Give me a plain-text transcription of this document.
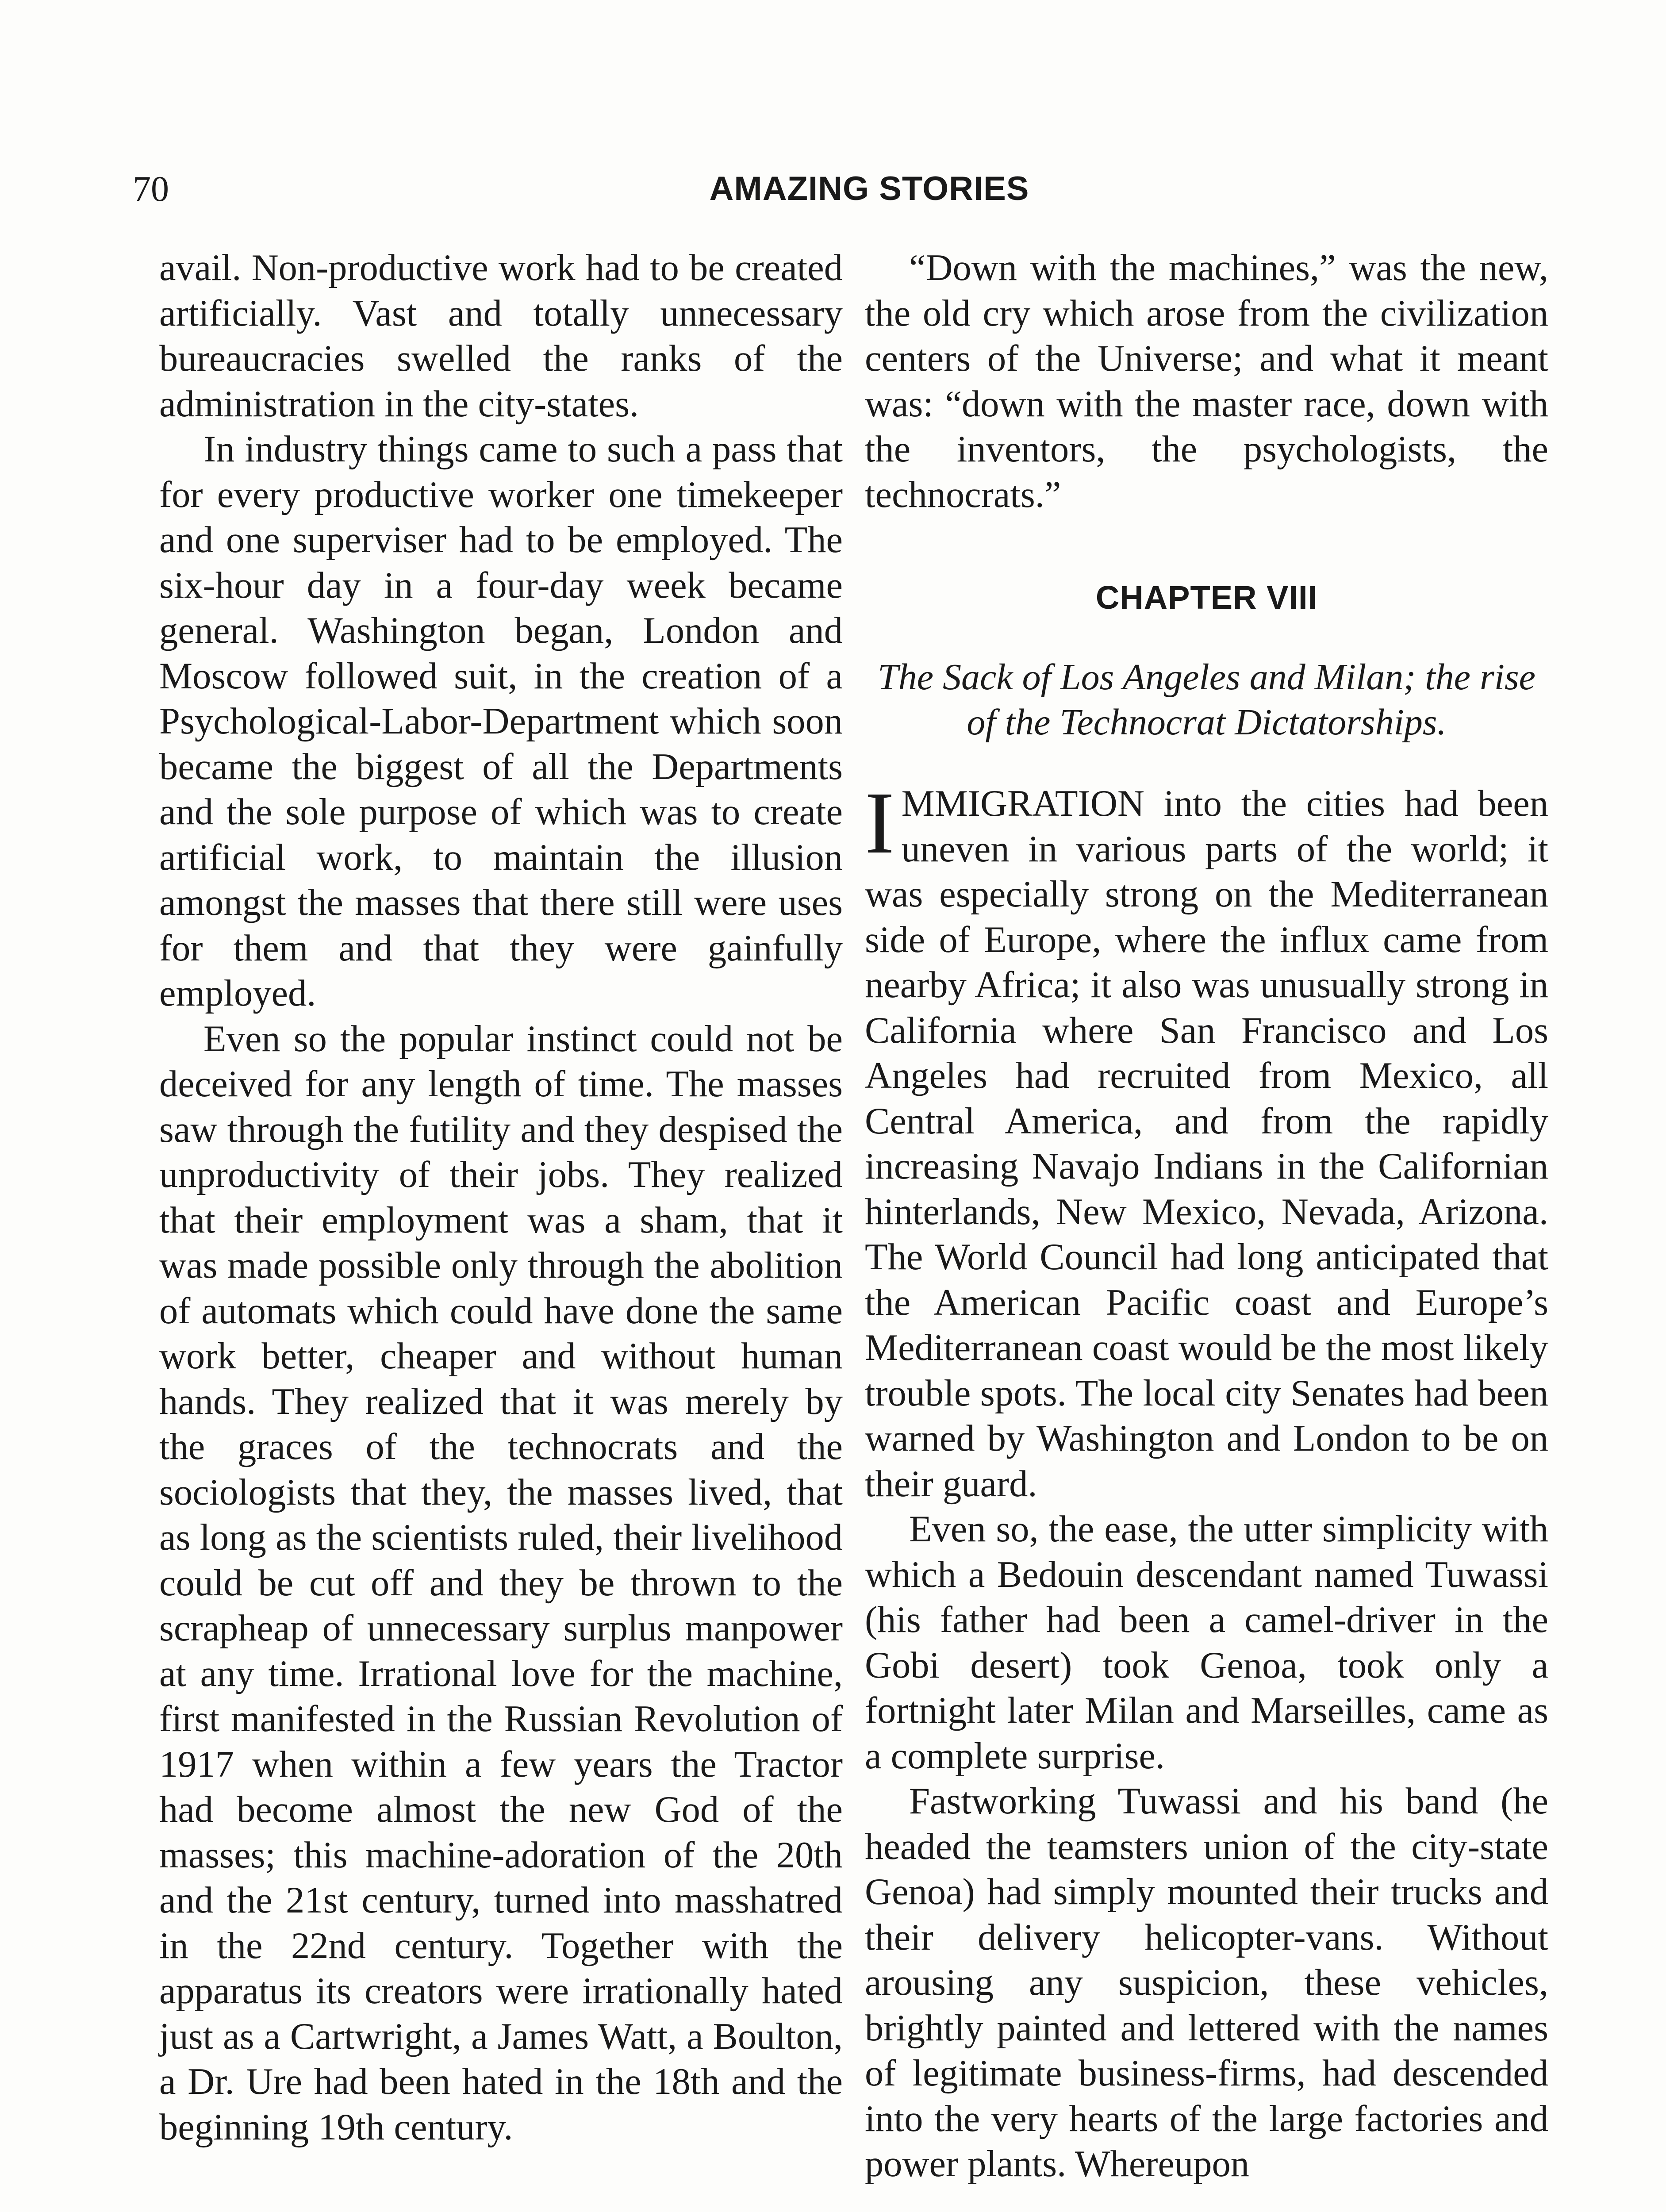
70	AMAZING STORIES

avail. Non-productive work had to be created artificially. Vast and totally unnecessary bureaucracies swelled the ranks of the administration in the city-states.

In industry things came to such a pass that for every productive worker one timekeeper and one superviser had to be employed. The six-hour day in a four-day week became general. Washington began, London and Moscow followed suit, in the creation of a Psychological-Labor-Department which soon became the biggest of all the Departments and the sole purpose of which was to create artificial work, to maintain the illusion amongst the masses that there still were uses for them and that they were gainfully employed.

Even so the popular instinct could not be deceived for any length of time. The masses saw through the futility and they despised the unproductivity of their jobs. They realized that their employment was a sham, that it was made possible only through the abolition of automats which could have done the same work better, cheaper and without human hands. They realized that it was merely by the graces of the technocrats and the sociologists that they, the masses lived, that as long as the scientists ruled, their livelihood could be cut off and they be thrown to the scrapheap of unnecessary surplus manpower at any time. Irrational love for the machine, first manifested in the Russian Revolution of 1917 when within a few years the Tractor had become almost the new God of the masses; this machine-adoration of the 20th and the 21st century, turned into masshatred in the 22nd century. Together with the apparatus its creators were irrationally hated just as a Cartwright, a James Watt, a Boulton, a Dr. Ure had been hated in the 18th and the beginning 19th century.

“Down with the machines,” was the new, the old cry which arose from the civilization centers of the Universe; and what it meant was: “down with the master race, down with the inventors, the psychologists, the technocrats.”

CHAPTER VIII
The Sack of Los Angeles and Milan; the rise of the Technocrat Dictatorships.

IMMIGRATION into the cities had been uneven in various parts of the world; it was especially strong on the Mediterranean side of Europe, where the influx came from nearby Africa; it also was unusually strong in California where San Francisco and Los Angeles had recruited from Mexico, all Central America, and from the rapidly increasing Navajo Indians in the Californian hinterlands, New Mexico, Nevada, Arizona. The World Council had long anticipated that the American Pacific coast and Europe’s Mediterranean coast would be the most likely trouble spots. The local city Senates had been warned by Washington and London to be on their guard.

Even so, the ease, the utter simplicity with which a Bedouin descendant named Tuwassi (his father had been a camel-driver in the Gobi desert) took Genoa, took only a fortnight later Milan and Marseilles, came as a complete surprise.

Fastworking Tuwassi and his band (he headed the teamsters union of the city-state Genoa) had simply mounted their trucks and their delivery helicopter-vans. Without arousing any suspicion, these vehicles, brightly painted and lettered with the names of legitimate business-firms, had descended into the very hearts of the large factories and power plants. Whereupon
